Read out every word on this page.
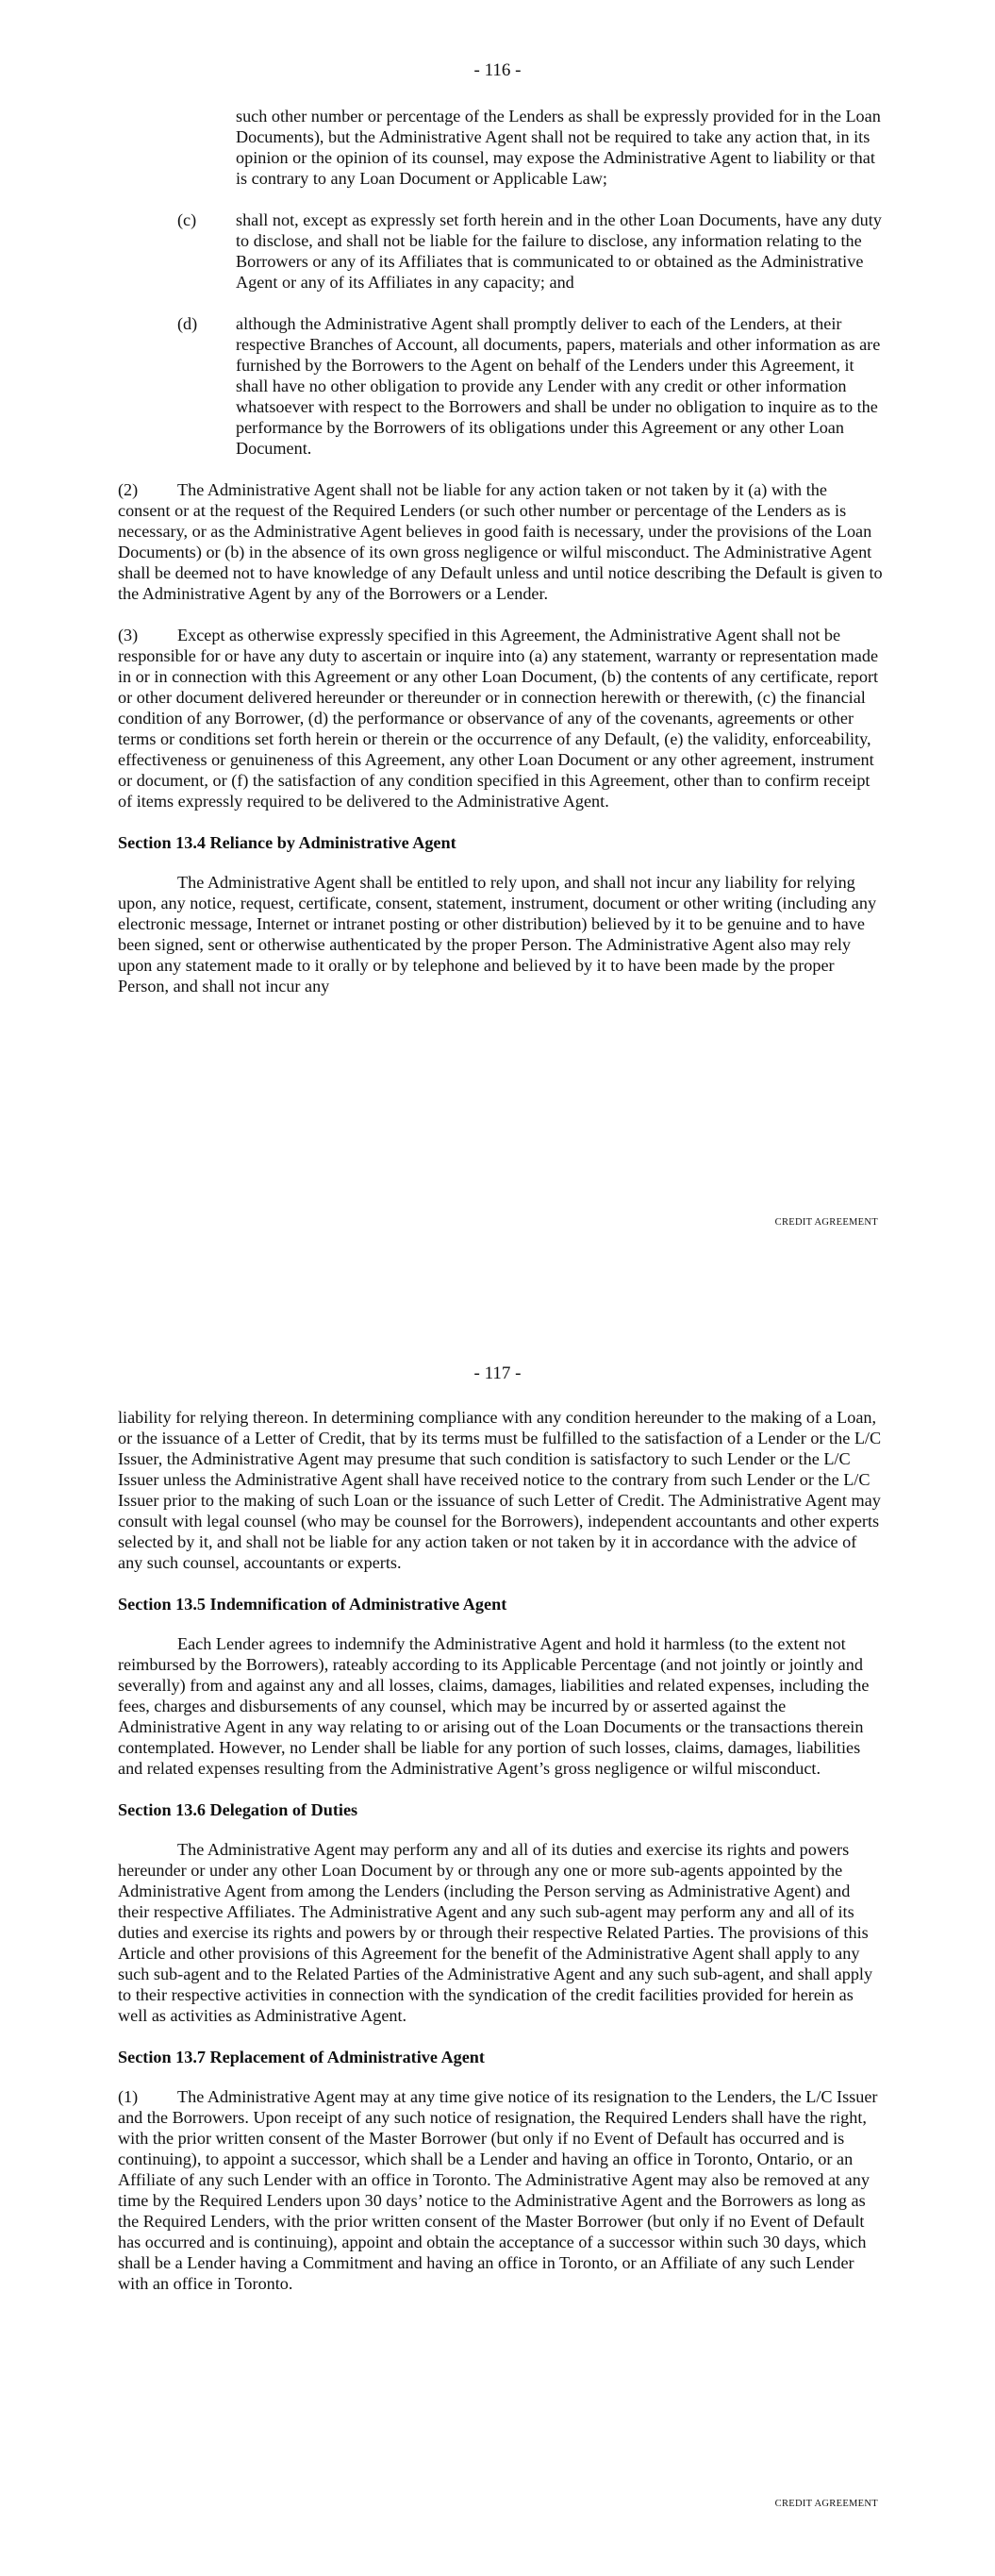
- 116 -
such other number or percentage of the Lenders as shall be expressly provided for in the Loan Documents), but the Administrative Agent shall not be required to take any action that, in its opinion or the opinion of its counsel, may expose the Administrative Agent to liability or that is contrary to any Loan Document or Applicable Law;
(c) shall not, except as expressly set forth herein and in the other Loan Documents, have any duty to disclose, and shall not be liable for the failure to disclose, any information relating to the Borrowers or any of its Affiliates that is communicated to or obtained as the Administrative Agent or any of its Affiliates in any capacity; and
(d) although the Administrative Agent shall promptly deliver to each of the Lenders, at their respective Branches of Account, all documents, papers, materials and other information as are furnished by the Borrowers to the Agent on behalf of the Lenders under this Agreement, it shall have no other obligation to provide any Lender with any credit or other information whatsoever with respect to the Borrowers and shall be under no obligation to inquire as to the performance by the Borrowers of its obligations under this Agreement or any other Loan Document.

(2) The Administrative Agent shall not be liable for any action taken or not taken by it (a) with the consent or at the request of the Required Lenders (or such other number or percentage of the Lenders as is necessary, or as the Administrative Agent believes in good faith is necessary, under the provisions of the Loan Documents) or (b) in the absence of its own gross negligence or wilful misconduct. The Administrative Agent shall be deemed not to have knowledge of any Default unless and until notice describing the Default is given to the Administrative Agent by any of the Borrowers or a Lender.

(3) Except as otherwise expressly specified in this Agreement, the Administrative Agent shall not be responsible for or have any duty to ascertain or inquire into (a) any statement, warranty or representation made in or in connection with this Agreement or any other Loan Document, (b) the contents of any certificate, report or other document delivered hereunder or thereunder or in connection herewith or therewith, (c) the financial condition of any Borrower, (d) the performance or observance of any of the covenants, agreements or other terms or conditions set forth herein or therein or the occurrence of any Default, (e) the validity, enforceability, effectiveness or genuineness of this Agreement, any other Loan Document or any other agreement, instrument or document, or (f) the satisfaction of any condition specified in this Agreement, other than to confirm receipt of items expressly required to be delivered to the Administrative Agent.

Section 13.4 Reliance by Administrative Agent

The Administrative Agent shall be entitled to rely upon, and shall not incur any liability for relying upon, any notice, request, certificate, consent, statement, instrument, document or other writing (including any electronic message, Internet or intranet posting or other distribution) believed by it to be genuine and to have been signed, sent or otherwise authenticated by the proper Person. The Administrative Agent also may rely upon any statement made to it orally or by telephone and believed by it to have been made by the proper Person, and shall not incur any

CREDIT AGREEMENT
- 117 -

liability for relying thereon. In determining compliance with any condition hereunder to the making of a Loan, or the issuance of a Letter of Credit, that by its terms must be fulfilled to the satisfaction of a Lender or the L/C Issuer, the Administrative Agent may presume that such condition is satisfactory to such Lender or the L/C Issuer unless the Administrative Agent shall have received notice to the contrary from such Lender or the L/C Issuer prior to the making of such Loan or the issuance of such Letter of Credit. The Administrative Agent may consult with legal counsel (who may be counsel for the Borrowers), independent accountants and other experts selected by it, and shall not be liable for any action taken or not taken by it in accordance with the advice of any such counsel, accountants or experts.

Section 13.5 Indemnification of Administrative Agent

Each Lender agrees to indemnify the Administrative Agent and hold it harmless (to the extent not reimbursed by the Borrowers), rateably according to its Applicable Percentage (and not jointly or jointly and severally) from and against any and all losses, claims, damages, liabilities and related expenses, including the fees, charges and disbursements of any counsel, which may be incurred by or asserted against the Administrative Agent in any way relating to or arising out of the Loan Documents or the transactions therein contemplated. However, no Lender shall be liable for any portion of such losses, claims, damages, liabilities and related expenses resulting from the Administrative Agent’s gross negligence or wilful misconduct.

Section 13.6 Delegation of Duties

The Administrative Agent may perform any and all of its duties and exercise its rights and powers hereunder or under any other Loan Document by or through any one or more sub-agents appointed by the Administrative Agent from among the Lenders (including the Person serving as Administrative Agent) and their respective Affiliates. The Administrative Agent and any such sub-agent may perform any and all of its duties and exercise its rights and powers by or through their respective Related Parties. The provisions of this Article and other provisions of this Agreement for the benefit of the Administrative Agent shall apply to any such sub-agent and to the Related Parties of the Administrative Agent and any such sub-agent, and shall apply to their respective activities in connection with the syndication of the credit facilities provided for herein as well as activities as Administrative Agent.

Section 13.7 Replacement of Administrative Agent

(1) The Administrative Agent may at any time give notice of its resignation to the Lenders, the L/C Issuer and the Borrowers. Upon receipt of any such notice of resignation, the Required Lenders shall have the right, with the prior written consent of the Master Borrower (but only if no Event of Default has occurred and is continuing), to appoint a successor, which shall be a Lender and having an office in Toronto, Ontario, or an Affiliate of any such Lender with an office in Toronto. The Administrative Agent may also be removed at any time by the Required Lenders upon 30 days’ notice to the Administrative Agent and the Borrowers as long as the Required Lenders, with the prior written consent of the Master Borrower (but only if no Event of Default has occurred and is continuing), appoint and obtain the acceptance of a successor within such 30 days, which shall be a Lender having a Commitment and having an office in Toronto, or an Affiliate of any such Lender with an office in Toronto.

CREDIT AGREEMENT
